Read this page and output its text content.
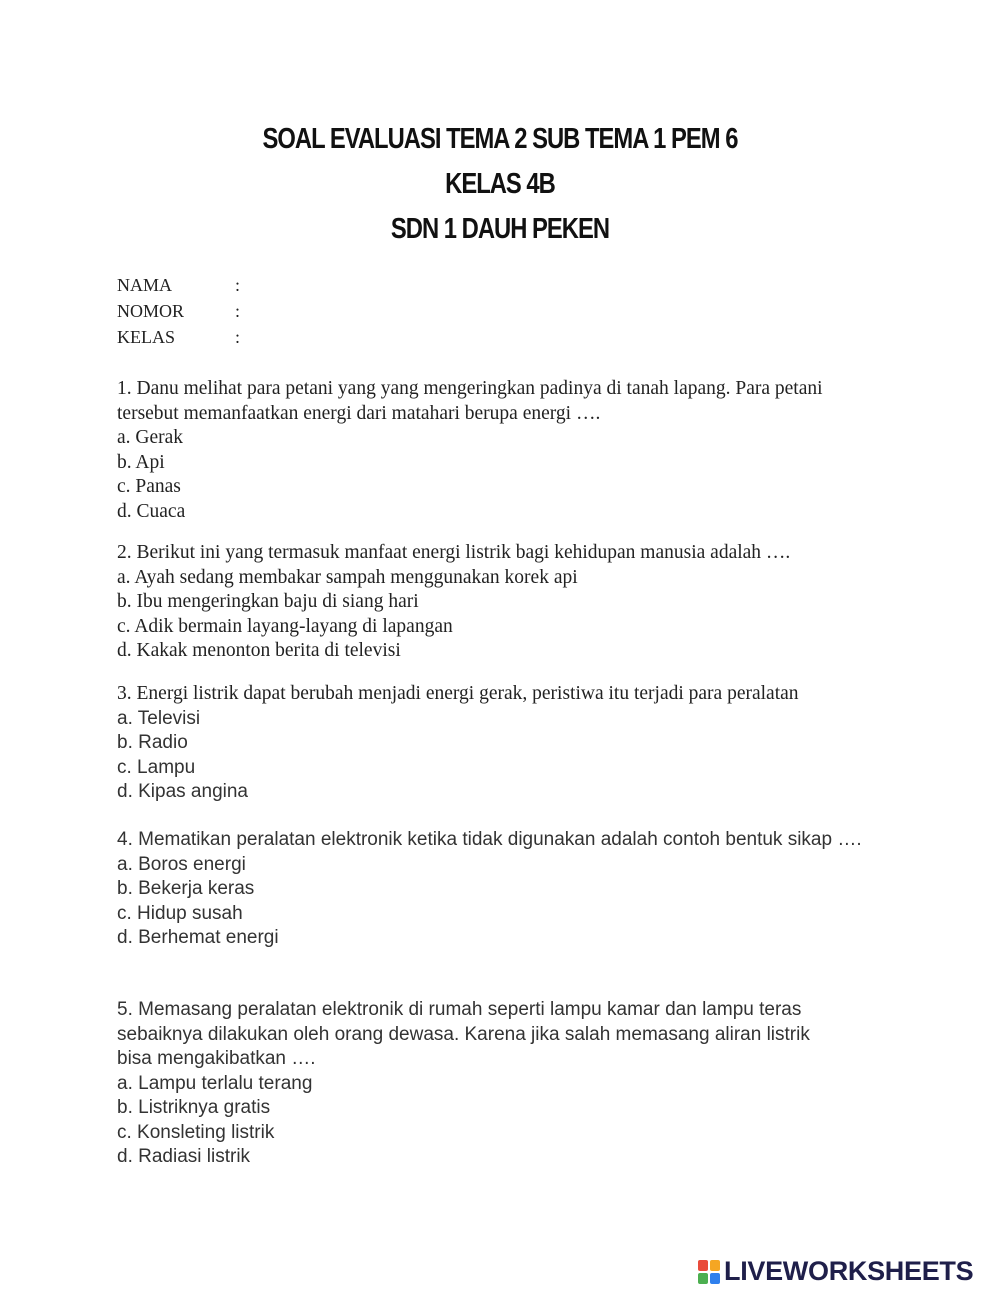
SOAL EVALUASI TEMA 2 SUB TEMA 1 PEM 6

KELAS 4B

SDN 1 DAUH PEKEN

NAMA	:
NOMOR	:
KELAS	:

1. Danu melihat para petani yang yang mengeringkan padinya di tanah lapang. Para petani tersebut memanfaatkan energi dari matahari berupa energi ….

a. Gerak

b. Api

c. Panas

d. Cuaca

2. Berikut ini yang termasuk manfaat energi listrik bagi kehidupan manusia adalah ….

a. Ayah sedang membakar sampah menggunakan korek api

b. Ibu mengeringkan baju di siang hari

c. Adik bermain layang-layang di lapangan

d. Kakak menonton berita di televisi

3. Energi listrik dapat berubah menjadi energi gerak, peristiwa itu terjadi para peralatan

a. Televisi

b. Radio

c. Lampu

d. Kipas angina

4. Mematikan peralatan elektronik ketika tidak digunakan adalah contoh bentuk sikap ….

a. Boros energi

b. Bekerja keras

c. Hidup susah

d. Berhemat energi

5. Memasang peralatan elektronik di rumah seperti lampu kamar dan lampu teras sebaiknya dilakukan oleh orang dewasa. Karena jika salah memasang aliran listrik bisa mengakibatkan ….

a. Lampu terlalu terang

b. Listriknya gratis

c. Konsleting listrik

d. Radiasi listrik

LIVEWORKSHEETS
